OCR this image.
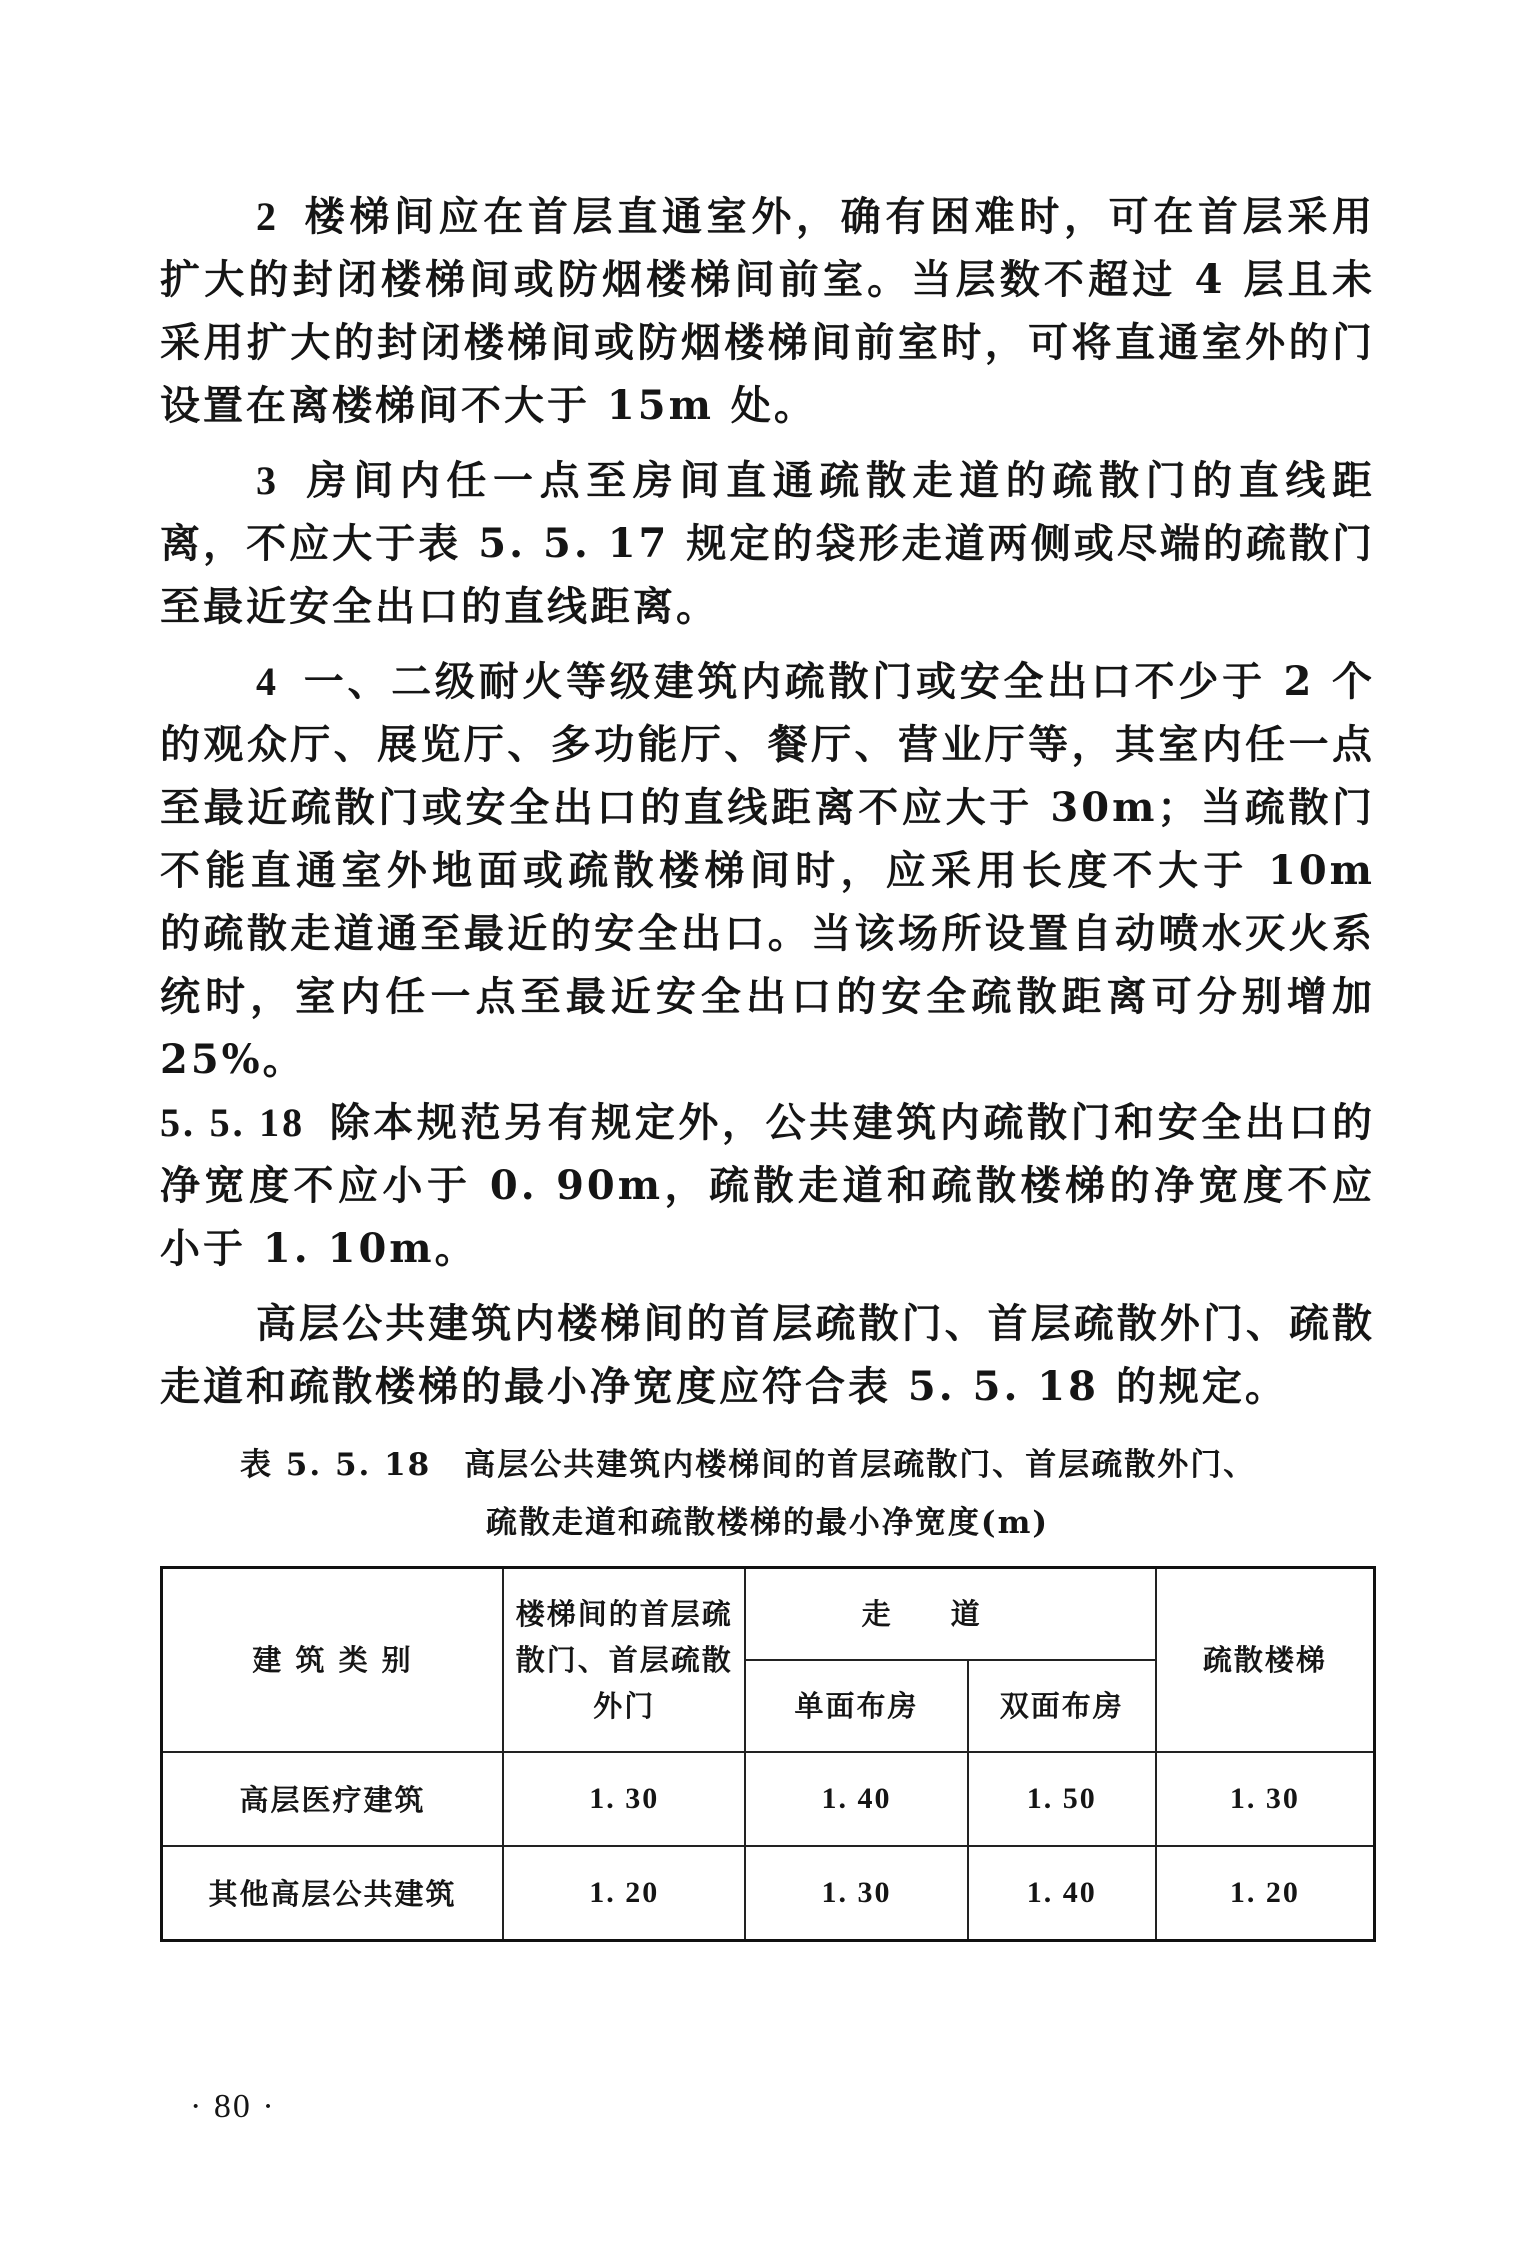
2 楼梯间应在首层直通室外，确有困难时，可在首层采用扩大的封闭楼梯间或防烟楼梯间前室。当层数不超过 4 层且未采用扩大的封闭楼梯间或防烟楼梯间前室时，可将直通室外的门设置在离楼梯间不大于 15m 处。

3 房间内任一点至房间直通疏散走道的疏散门的直线距离，不应大于表 5. 5. 17 规定的袋形走道两侧或尽端的疏散门至最近安全出口的直线距离。

4 一、二级耐火等级建筑内疏散门或安全出口不少于 2 个的观众厅、展览厅、多功能厅、餐厅、营业厅等，其室内任一点至最近疏散门或安全出口的直线距离不应大于 30m；当疏散门不能直通室外地面或疏散楼梯间时，应采用长度不大于 10m 的疏散走道通至最近的安全出口。当该场所设置自动喷水灭火系统时，室内任一点至最近安全出口的安全疏散距离可分别增加 25%。

5. 5. 18 除本规范另有规定外，公共建筑内疏散门和安全出口的净宽度不应小于 0. 90m，疏散走道和疏散楼梯的净宽度不应小于 1. 10m。

高层公共建筑内楼梯间的首层疏散门、首层疏散外门、疏散走道和疏散楼梯的最小净宽度应符合表 5. 5. 18 的规定。

表 5. 5. 18　高层公共建筑内楼梯间的首层疏散门、首层疏散外门、
疏散走道和疏散楼梯的最小净宽度(m)
建 筑 类 别	楼梯间的首层疏散门、首层疏散外门	走道		疏散楼梯
		单面布房	双面布房	
高层医疗建筑	1. 30	1. 40	1. 50	1. 30
其他高层公共建筑	1. 20	1. 30	1. 40	1. 20
· 80 ·
